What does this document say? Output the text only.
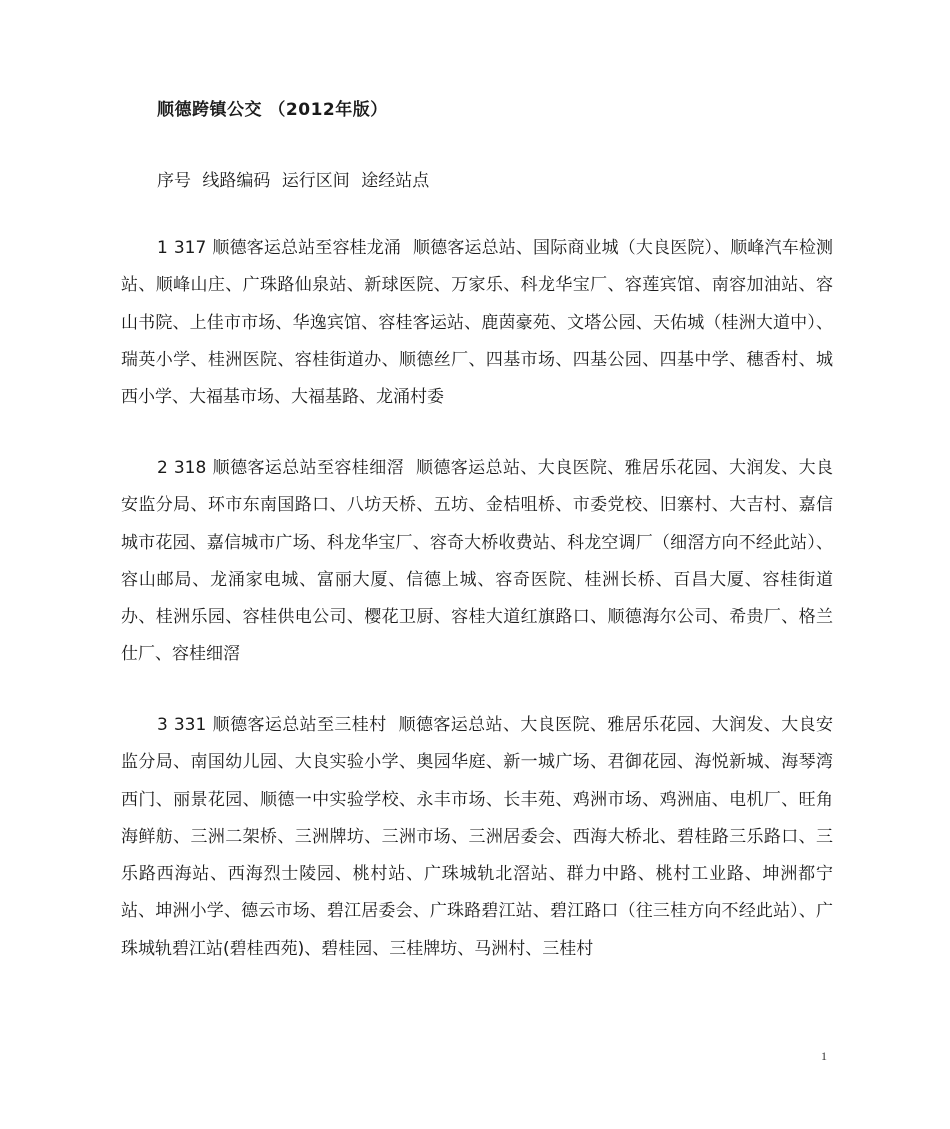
顺德跨镇公交 （2012年版）
序号 线路编码 运行区间 途经站点
1 317 顺德客运总站至容桂龙涌 顺德客运总站、国际商业城（大良医院）、顺峰汽车检测站、顺峰山庄、广珠路仙泉站、新球医院、万家乐、科龙华宝厂、容莲宾馆、南容加油站、容山书院、上佳市市场、华逸宾馆、容桂客运站、鹿茵豪苑、文塔公园、天佑城（桂洲大道中）、瑞英小学、桂洲医院、容桂街道办、顺德丝厂、四基市场、四基公园、四基中学、穗香村、城西小学、大福基市场、大福基路、龙涌村委
2 318 顺德客运总站至容桂细滘 顺德客运总站、大良医院、雅居乐花园、大润发、大良安监分局、环市东南国路口、八坊天桥、五坊、金桔咀桥、市委党校、旧寨村、大吉村、嘉信城市花园、嘉信城市广场、科龙华宝厂、容奇大桥收费站、科龙空调厂（细滘方向不经此站）、容山邮局、龙涌家电城、富丽大厦、信德上城、容奇医院、桂洲长桥、百昌大厦、容桂街道办、桂洲乐园、容桂供电公司、樱花卫厨、容桂大道红旗路口、顺德海尔公司、希贵厂、格兰仕厂、容桂细滘
3 331 顺德客运总站至三桂村 顺德客运总站、大良医院、雅居乐花园、大润发、大良安监分局、南国幼儿园、大良实验小学、奥园华庭、新一城广场、君御花园、海悦新城、海琴湾西门、丽景花园、顺德一中实验学校、永丰市场、长丰苑、鸡洲市场、鸡洲庙、电机厂、旺角海鲜舫、三洲二架桥、三洲牌坊、三洲市场、三洲居委会、西海大桥北、碧桂路三乐路口、三乐路西海站、西海烈士陵园、桃村站、广珠城轨北滘站、群力中路、桃村工业路、坤洲都宁站、坤洲小学、德云市场、碧江居委会、广珠路碧江站、碧江路口（往三桂方向不经此站）、广珠城轨碧江站(碧桂西苑)、碧桂园、三桂牌坊、马洲村、三桂村
1
